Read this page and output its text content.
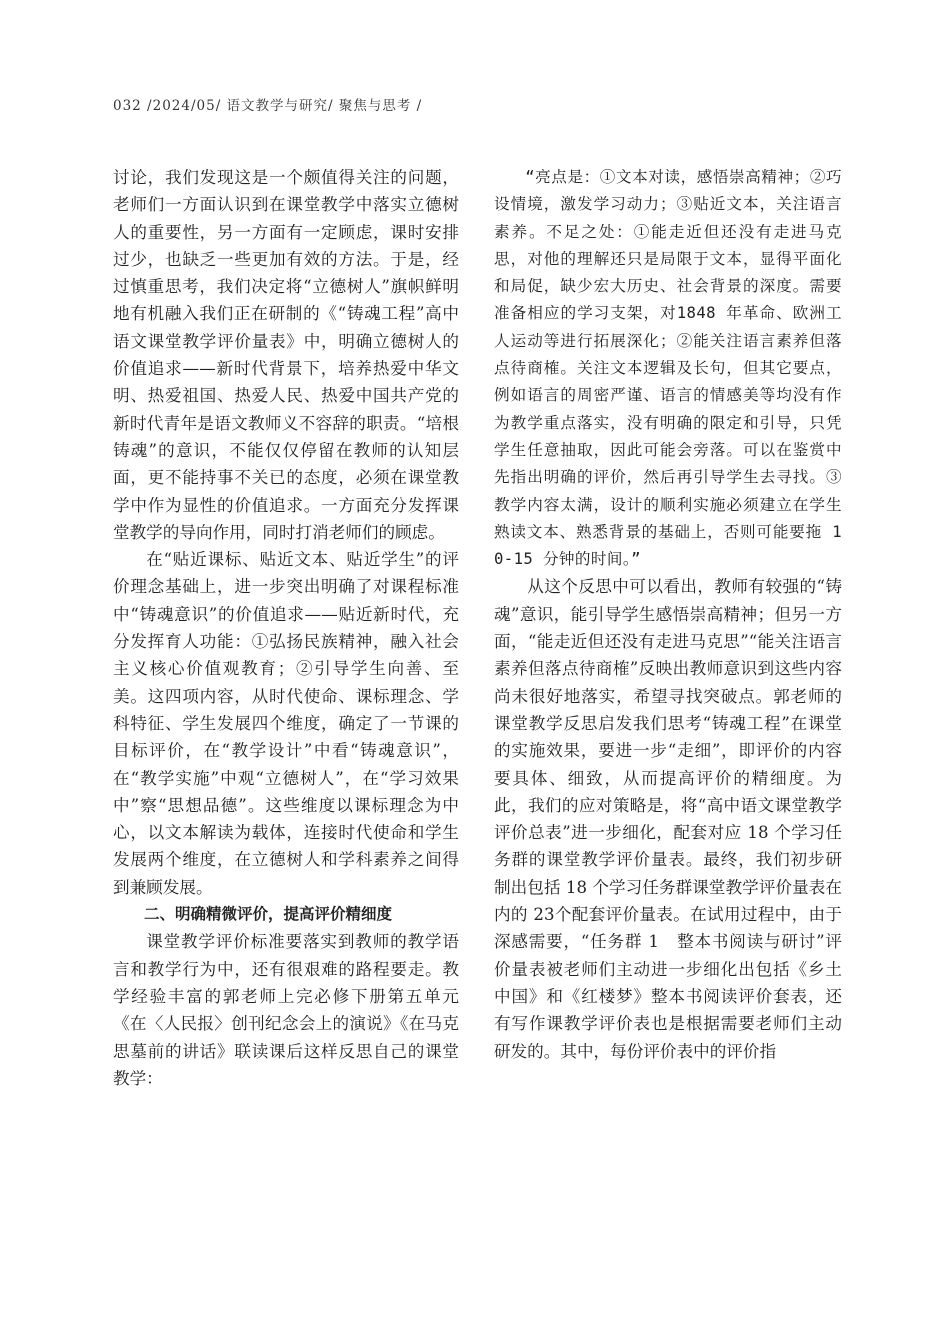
032 /2024/05/ 语文教学与研究/ 聚焦与思考 /

讨论，我们发现这是一个颇值得关注的问题，老师们一方面认识到在课堂教学中落实立德树人的重要性，另一方面有一定顾虑，课时安排过少，也缺乏一些更加有效的方法。于是，经过慎重思考，我们决定将“立德树人”旗帜鲜明地有机融入我们正在研制的《“铸魂工程”高中语文课堂教学评价量表》中，明确立德树人的价值追求——新时代背景下，培养热爱中华文明、热爱祖国、热爱人民、热爱中国共产党的新时代青年是语文教师义不容辞的职责。“培根铸魂”的意识，不能仅仅停留在教师的认知层面，更不能持事不关已的态度，必须在课堂教学中作为显性的价值追求。一方面充分发挥课堂教学的导向作用，同时打消老师们的顾虑。

在“贴近课标、贴近文本、贴近学生”的评价理念基础上，进一步突出明确了对课程标准中“铸魂意识”的价值追求——贴近新时代，充分发挥育人功能：①弘扬民族精神，融入社会主义核心价值观教育；②引导学生向善、至美。这四项内容，从时代使命、课标理念、学科特征、学生发展四个维度，确定了一节课的目标评价，在“教学设计”中看“铸魂意识”，在“教学实施”中观“立德树人”，在“学习效果中”察“思想品德”。这些维度以课标理念为中心，以文本解读为载体，连接时代使命和学生发展两个维度，在立德树人和学科素养之间得到兼顾发展。

二、明确精微评价，提高评价精细度

课堂教学评价标准要落实到教师的教学语言和教学行为中，还有很艰难的路程要走。教学经验丰富的郭老师上完必修下册第五单元《在〈人民报〉创刊纪念会上的演说》《在马克思墓前的讲话》联读课后这样反思自己的课堂教学：

“亮点是：①文本对读，感悟崇高精神；②巧设情境，激发学习动力；③贴近文本，关注语言素养。不足之处：①能走近但还没有走进马克思，对他的理解还只是局限于文本，显得平面化和局促，缺少宏大历史、社会背景的深度。需要准备相应的学习支架，对1848 年革命、欧洲工人运动等进行拓展深化；②能关注语言素养但落点待商榷。关注文本逻辑及长句，但其它要点，例如语言的周密严谨、语言的情感美等均没有作为教学重点落实，没有明确的限定和引导，只凭学生任意抽取，因此可能会旁落。可以在鉴赏中先指出明确的评价，然后再引导学生去寻找。③教学内容太满，设计的顺利实施必须建立在学生熟读文本、熟悉背景的基础上，否则可能要拖 10-15 分钟的时间。”

从这个反思中可以看出，教师有较强的“铸魂”意识，能引导学生感悟崇高精神；但另一方面，“能走近但还没有走进马克思”“能关注语言素养但落点待商榷”反映出教师意识到这些内容尚未很好地落实，希望寻找突破点。郭老师的课堂教学反思启发我们思考“铸魂工程”在课堂的实施效果，要进一步“走细”，即评价的内容要具体、细致，从而提高评价的精细度。为此，我们的应对策略是，将“高中语文课堂教学评价总表”进一步细化，配套对应 18 个学习任务群的课堂教学评价量表。最终，我们初步研制出包括 18 个学习任务群课堂教学评价量表在内的 23个配套评价量表。在试用过程中，由于深感需要，“任务群 1　整本书阅读与研讨”评价量表被老师们主动进一步细化出包括《乡土中国》和《红楼梦》整本书阅读评价套表，还有写作课教学评价表也是根据需要老师们主动研发的。其中，每份评价表中的评价指
